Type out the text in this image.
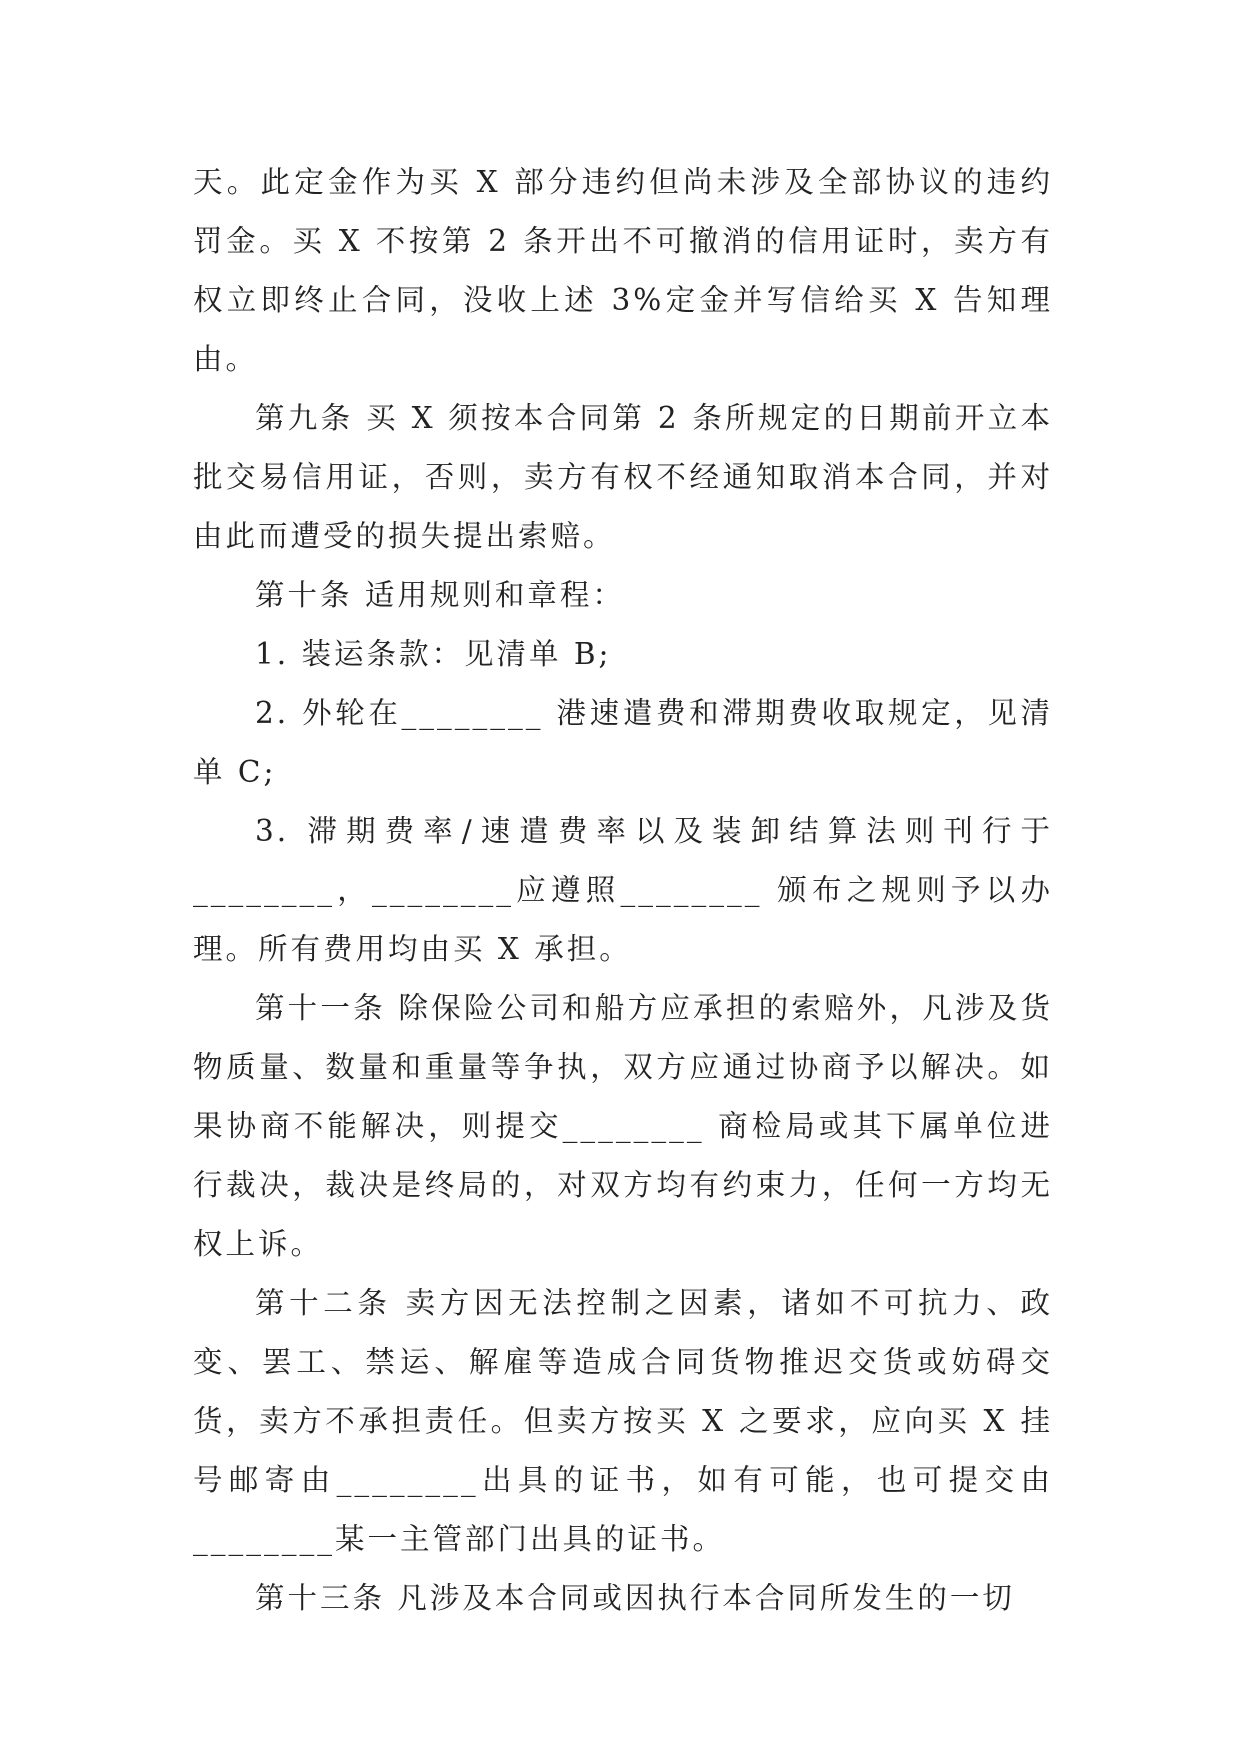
天。此定金作为买 X 部分违约但尚未涉及全部协议的违约罚金。买 X 不按第 2 条开出不可撤消的信用证时，卖方有权立即终止合同，没收上述 3%定金并写信给买 X 告知理由。

第九条 买 X 须按本合同第 2 条所规定的日期前开立本批交易信用证，否则，卖方有权不经通知取消本合同，并对由此而遭受的损失提出索赔。

第十条 适用规则和章程：

1. 装运条款：见清单 B;

2. 外轮在________ 港速遣费和滞期费收取规定，见清单 C;

3. 滞期费率/速遣费率以及装卸结算法则刊行于________，________应遵照________ 颁布之规则予以办理。所有费用均由买 X 承担。

第十一条 除保险公司和船方应承担的索赔外，凡涉及货物质量、数量和重量等争执，双方应通过协商予以解决。如果协商不能解决，则提交________ 商检局或其下属单位进行裁决，裁决是终局的，对双方均有约束力，任何一方均无权上诉。

第十二条 卖方因无法控制之因素，诸如不可抗力、政变、罢工、禁运、解雇等造成合同货物推迟交货或妨碍交货，卖方不承担责任。但卖方按买 X 之要求，应向买 X 挂号邮寄由________出具的证书，如有可能，也可提交由________某一主管部门出具的证书。

第十三条 凡涉及本合同或因执行本合同所发生的一切
